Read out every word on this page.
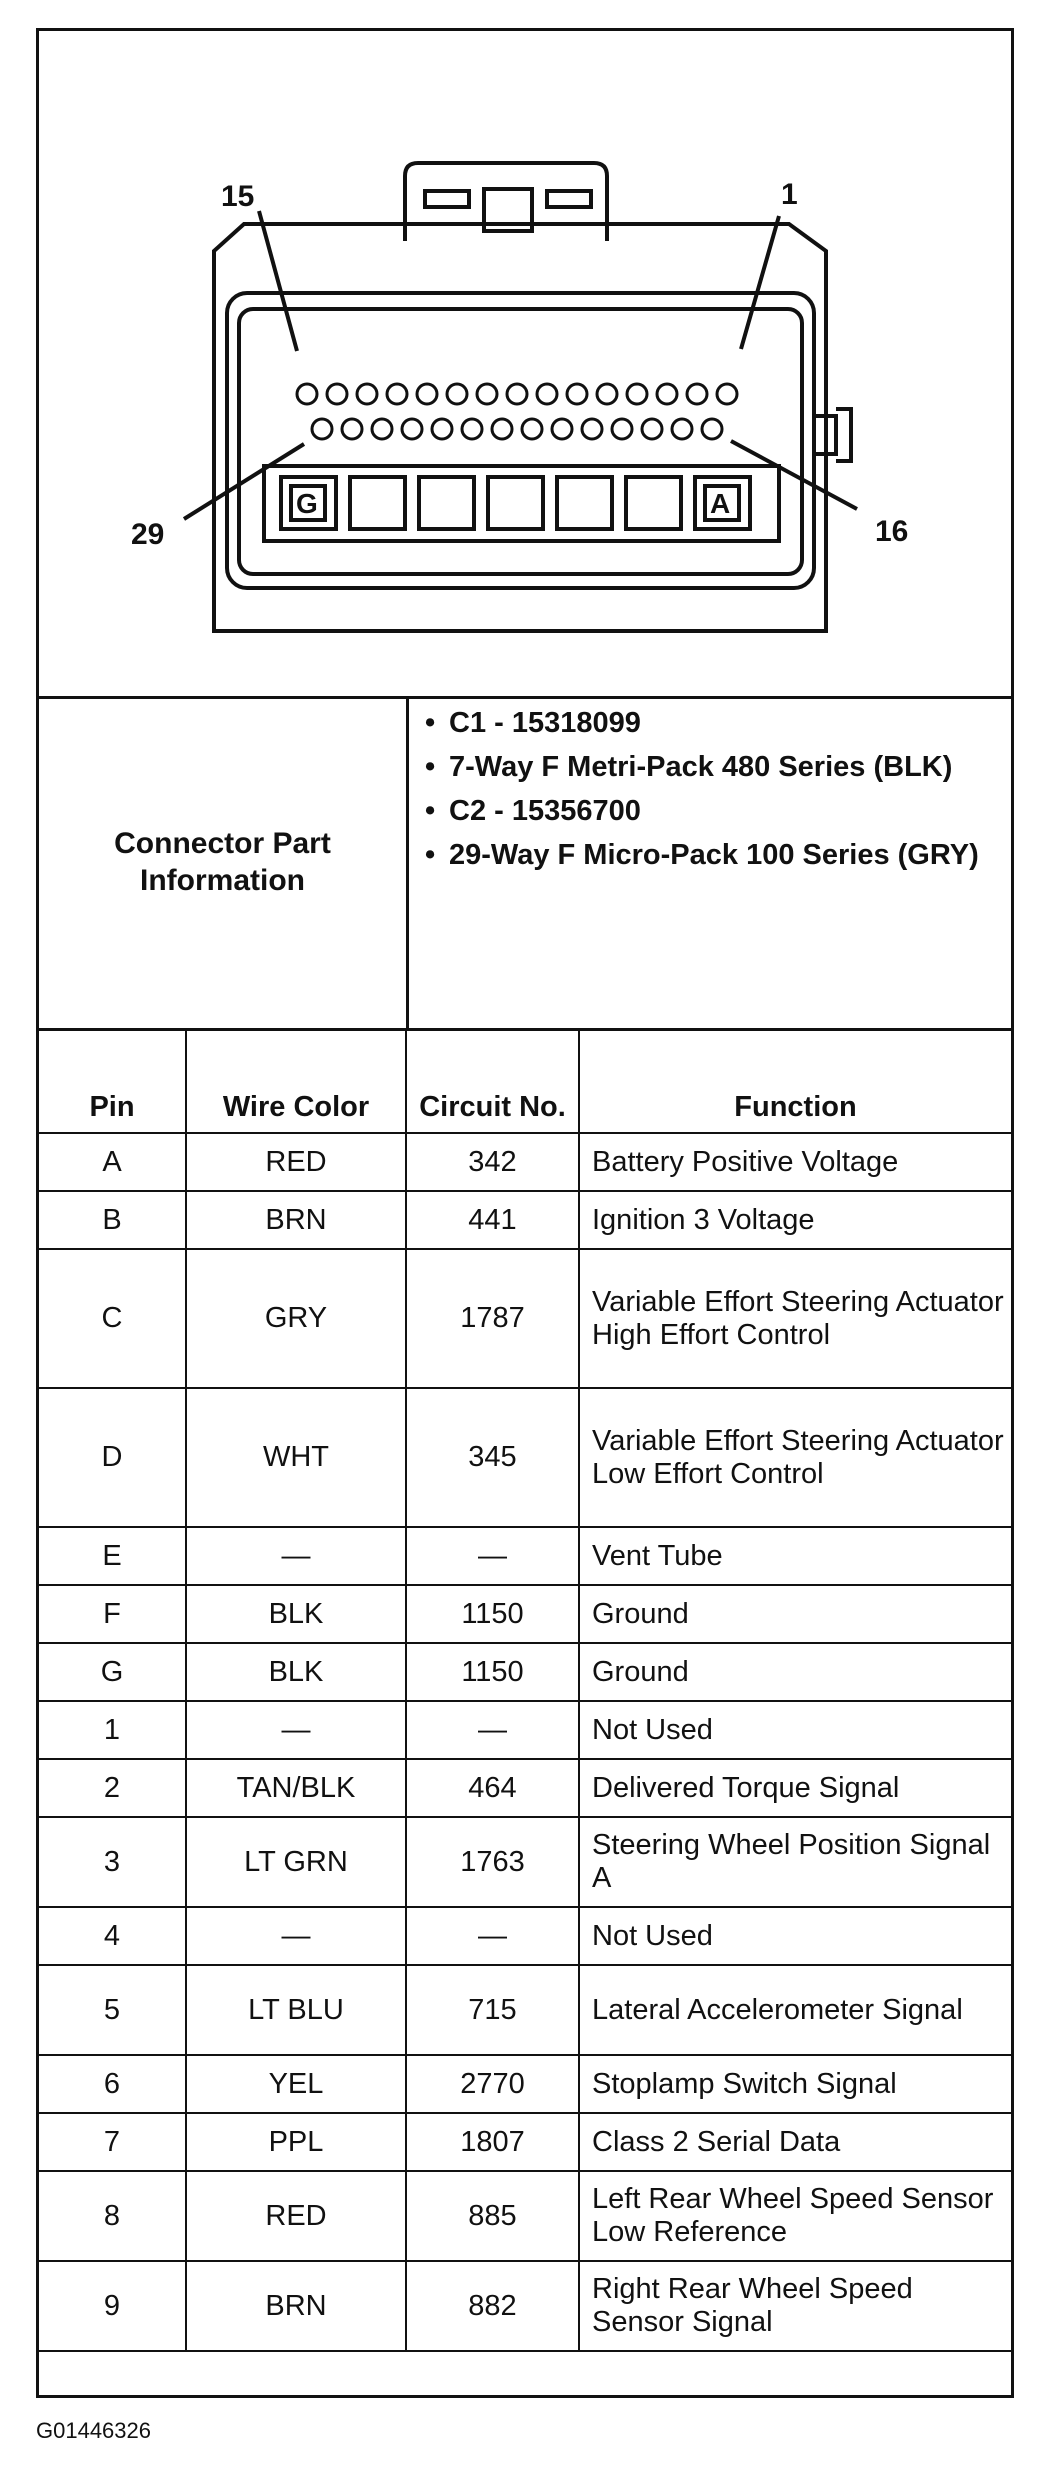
15	1
29	16
G	A
Connector Part Information
• C1 - 15318099
• 7-Way F Metri-Pack 480 Series (BLK)
• C2 - 15356700
• 29-Way F Micro-Pack 100 Series (GRY)
Pin	Wire Color	Circuit No.	Function
A	RED	342	Battery Positive Voltage
B	BRN	441	Ignition 3 Voltage
C	GRY	1787	Variable Effort Steering Actuator High Effort Control
D	WHT	345	Variable Effort Steering Actuator Low Effort Control
E	—	—	Vent Tube
F	BLK	1150	Ground
G	BLK	1150	Ground
1	—	—	Not Used
2	TAN/BLK	464	Delivered Torque Signal
3	LT GRN	1763	Steering Wheel Position Signal A
4	—	—	Not Used
5	LT BLU	715	Lateral Accelerometer Signal
6	YEL	2770	Stoplamp Switch Signal
7	PPL	1807	Class 2 Serial Data
8	RED	885	Left Rear Wheel Speed Sensor Low Reference
9	BRN	882	Right Rear Wheel Speed Sensor Signal
G01446326
